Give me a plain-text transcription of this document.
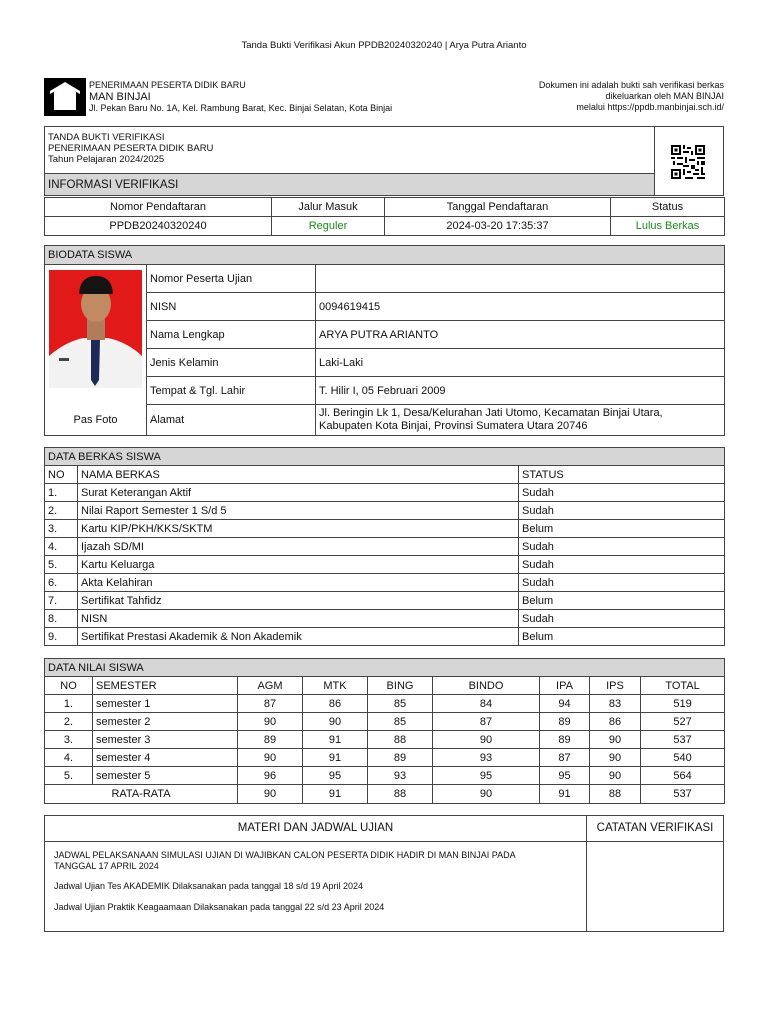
Tanda Bukti Verifikasi Akun PPDB20240320240 | Arya Putra Arianto
PENERIMAAN PESERTA DIDIK BARU
MAN BINJAI
Jl. Pekan Baru No. 1A, Kel. Rambung Barat, Kec. Binjai Selatan, Kota Binjai
Dokumen ini adalah bukti sah verifikasi berkas
dikeluarkan oleh MAN BINJAI
melalui https://ppdb.manbinjai.sch.id/
TANDA BUKTI VERIFIKASI
PENERIMAAN PESERTA DIDIK BARU
Tahun Pelajaran 2024/2025
INFORMASI VERIFIKASI
Nomor Pendaftaran	Jalur Masuk	Tanggal Pendaftaran	Status
PPDB20240320240	Reguler	2024-03-20 17:35:37	Lulus Berkas
BIODATA SISWA		

	Nomor Peserta Ujian	
	NISN	0094619415
	Nama Lengkap	ARYA PUTRA ARIANTO
	Jenis Kelamin	Laki-Laki
	Tempat & Tgl. Lahir	T. Hilir I, 05 Februari 2009
Pas Foto	Alamat	Jl. Beringin Lk 1, Desa/Kelurahan Jati Utomo, Kecamatan Binjai Utara,
Kabupaten Kota Binjai, Provinsi Sumatera Utara 20746
DATA BERKAS SISWA		
NO	NAMA BERKAS	STATUS
1.	Surat Keterangan Aktif	Sudah
2.	Nilai Raport Semester 1 S/d 5	Sudah
3.	Kartu KIP/PKH/KKS/SKTM	Belum
4.	Ijazah SD/MI	Sudah
5.	Kartu Keluarga	Sudah
6.	Akta Kelahiran	Sudah
7.	Sertifikat Tahfidz	Belum
8.	NISN	Sudah
9.	Sertifikat Prestasi Akademik & Non Akademik	Belum
DATA NILAI SISWA								
NO	SEMESTER	AGM	MTK	BING	BINDO	IPA	IPS	TOTAL
1.	semester 1	87	86	85	84	94	83	519
2.	semester 2	90	90	85	87	89	86	527
3.	semester 3	89	91	88	90	89	90	537
4.	semester 4	90	91	89	93	87	90	540
5.	semester 5	96	95	93	95	95	90	564
RATA-RATA		90	91	88	90	91	88	537
MATERI DAN JADWAL UJIAN	CATATAN VERIFIKASI
JADWAL PELAKSANAAN SIMULASI UJIAN DI WAJIBKAN CALON PESERTA DIDIK HADIR DI MAN BINJAI PADA
TANGGAL 17 APRIL 2024
Jadwal Ujian Tes AKADEMIK Dilaksanakan pada tanggal 18 s/d 19 April 2024
Jadwal Ujian Praktik Keagaamaan Dilaksanakan pada tanggal 22 s/d 23 April 2024
